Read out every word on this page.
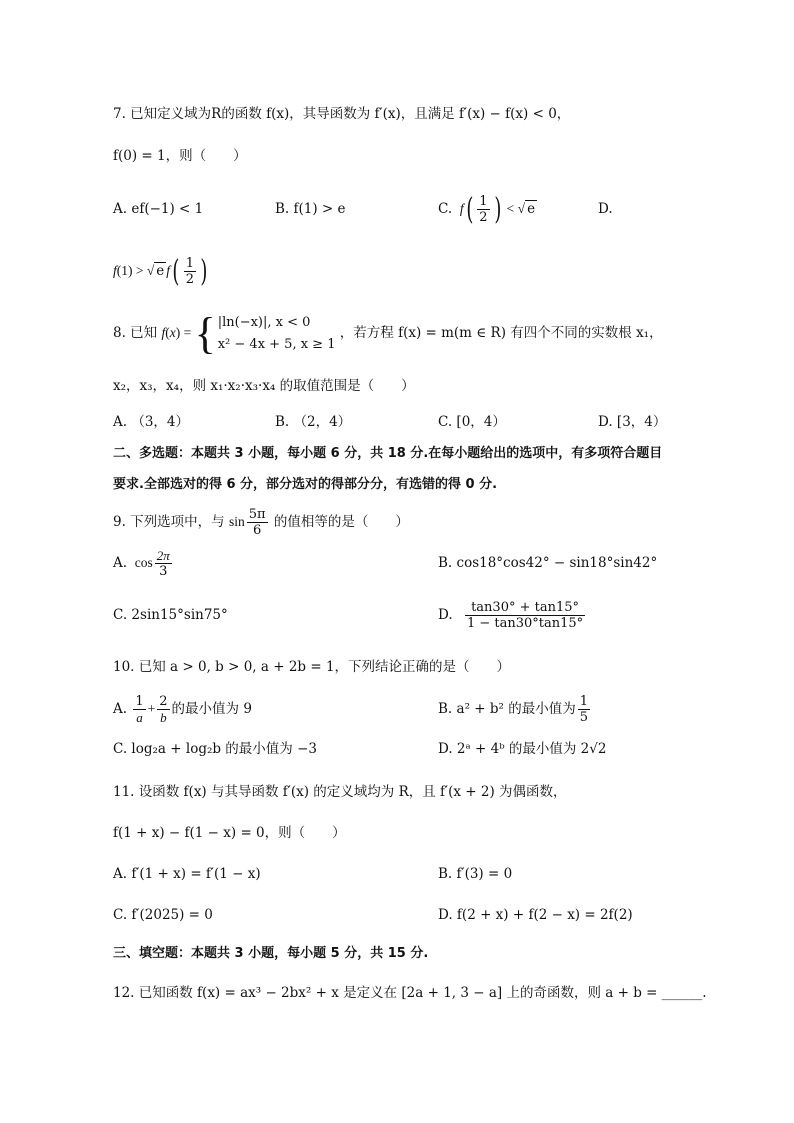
7. 已知定义域为R的函数 f(x)，其导函数为 f′(x)，且满足 f′(x) − f(x) < 0，
f(0) = 1，则（　　）
A. ef(−1) < 1	B. f(1) > e	C.  f ( $\frac{1}{2}$ ) < √ e	D.
f(1) > √ e f ( $\frac{1}{2}$ )
8. 已知 f(x) = { |ln(−x)|, x < 0
x² − 4x + 5, x ≥ 1
，若方程 f(x) = m(m ∈ R) 有四个不同的实数根 x₁，
x₂，x₃，x₄，则 x₁·x₂·x₃·x₄ 的取值范围是（　　）
A. （3，4）	B. （2，4）	C. [0，4）	D. [3，4）
二、多选题：本题共 3 小题，每小题 6 分，共 18 分.在每小题给出的选项中，有多项符合题目
要求.全部选对的得 6 分，部分选对的得部分分，有选错的得 0 分.
9. 下列选项中，与 $\sin \frac{5\pi}{6}$ 的值相等的是（　　）
A.  $\cos \frac{2\pi}{3}$	B. cos18°cos42° − sin18°sin42°
C. 2sin15°sin75°	D. $\frac{\tan 30^\circ + \tan 15^\circ}{1 - \tan 30^\circ\tan 15^\circ}$
10. 已知 a > 0, b > 0, a + 2b = 1，下列结论正确的是（　　）
A. $\frac{1}{a} + \frac{2}{b}$ 的最小值为 9	B. a² + b² 的最小值为 $\frac{1}{5}$
C. log₂a + log₂b 的最小值为 −3	D. 2ᵃ + 4ᵇ 的最小值为 2√2
11. 设函数 f(x) 与其导函数 f′(x) 的定义域均为 R，且 f′(x + 2) 为偶函数，
f(1 + x) − f(1 − x) = 0，则（　　）
A. f′(1 + x) = f′(1 − x)	B. f′(3) = 0
C. f′(2025) = 0	D. f(2 + x) + f(2 − x) = 2f(2)
三、填空题：本题共 3 小题，每小题 5 分，共 15 分.
12. 已知函数 f(x) = ax³ − 2bx² + x 是定义在 [2a + 1, 3 − a] 上的奇函数，则 a + b = ______.
